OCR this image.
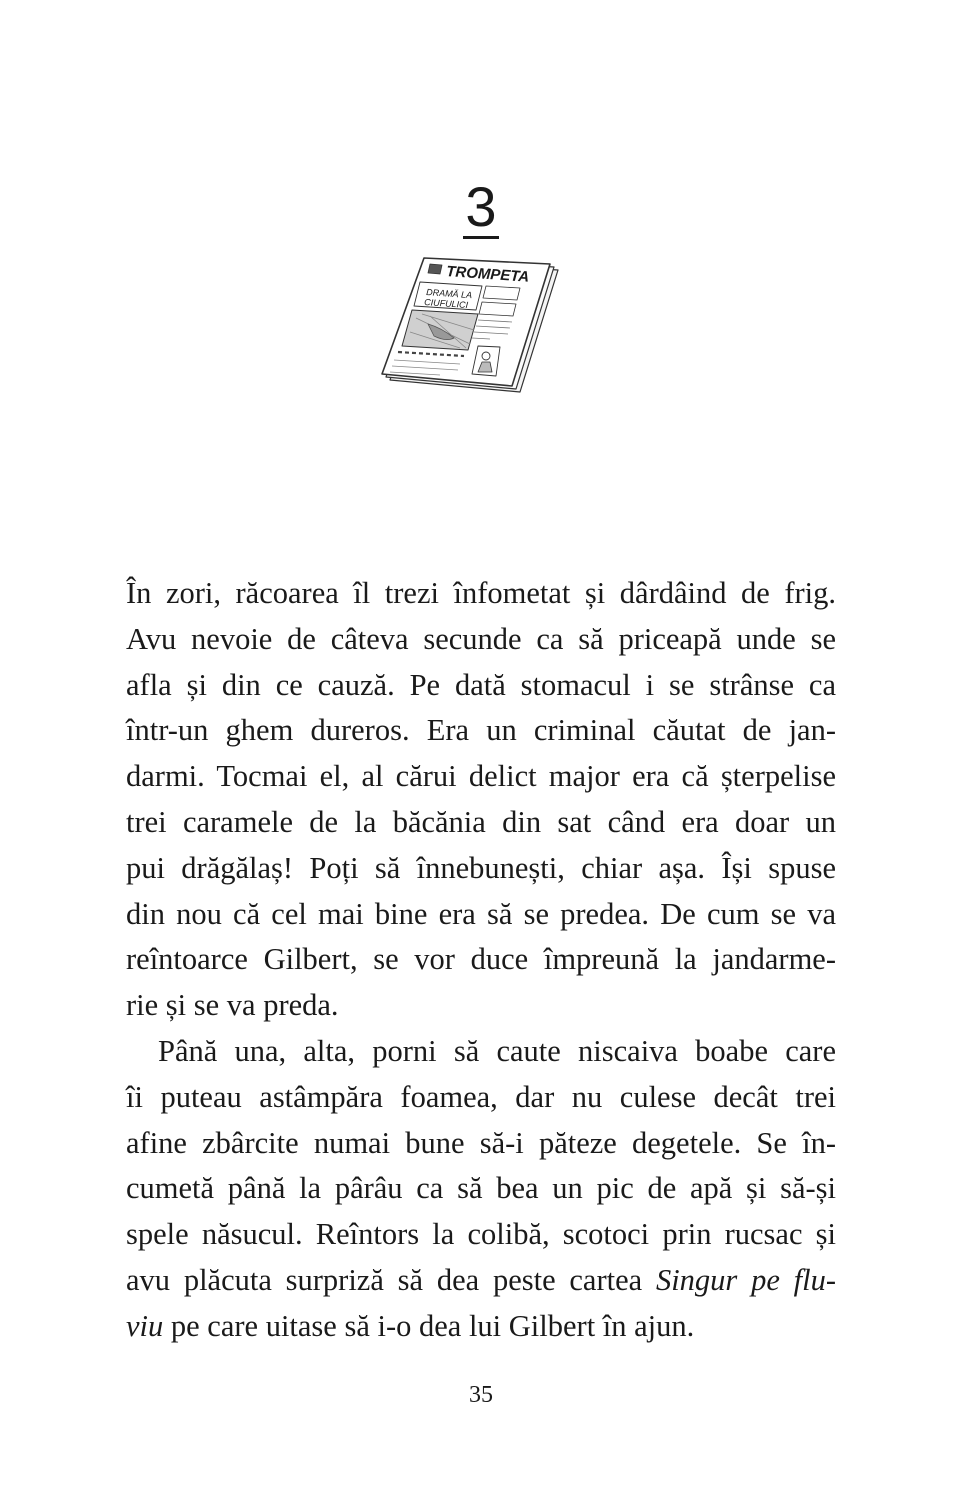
3
TROMPETA
DRAMĂ LA
CIUFULICI
În zori, răcoarea îl trezi înfometat și dârdâind de frig.
Avu nevoie de câteva secunde ca să priceapă unde se
afla și din ce cauză. Pe dată stomacul i se strânse ca
într-un ghem dureros. Era un criminal căutat de jan-
darmi. Tocmai el, al cărui delict major era că șterpelise
trei caramele de la băcănia din sat când era doar un
pui drăgălaș! Poți să înnebunești, chiar așa. Își spuse
din nou că cel mai bine era să se predea. De cum se va
reîntoarce Gilbert, se vor duce împreună la jandarme-
rie și se va preda.
Până una, alta, porni să caute niscaiva boabe care
îi puteau astâmpăra foamea, dar nu culese decât trei
afine zbârcite numai bune să-i păteze degetele. Se în-
cumetă până la pârâu ca să bea un pic de apă și să-și
spele năsucul. Reîntors la colibă, scotoci prin rucsac și
avu plăcuta surpriză să dea peste cartea Singur pe flu-
viu pe care uitase să i-o dea lui Gilbert în ajun.
35
